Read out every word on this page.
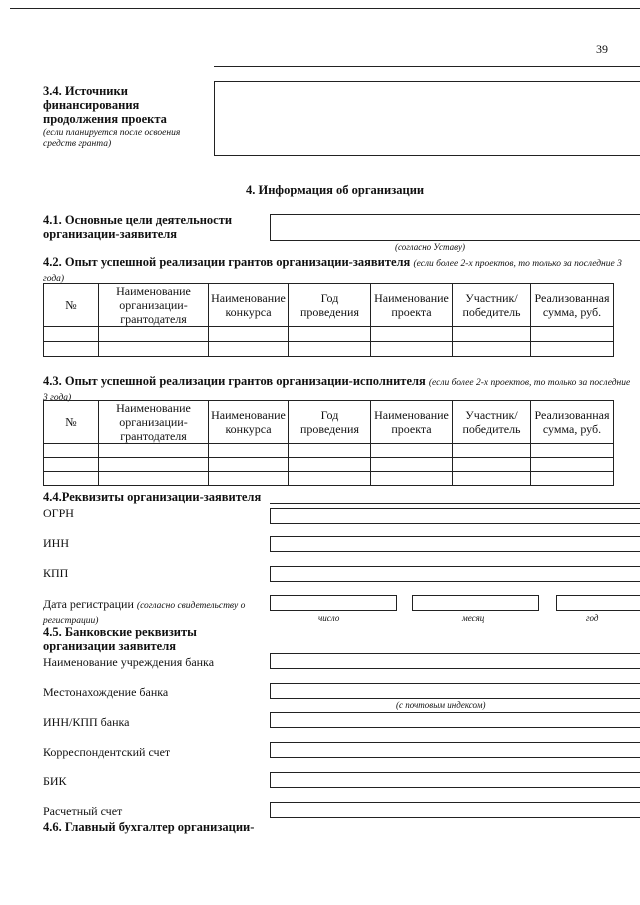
39
3.4. Источники финансирования продолжения проекта
(если планируется после освоения средств гранта)
4. Информация об организации
4.1. Основные цели деятельности организации-заявителя
(согласно Уставу)
4.2. Опыт успешной реализации грантов организации-заявителя (если более 2-х проектов, то только за последние 3 года)
№	Наименование организации-грантодателя	Наименование конкурса	Год проведения	Наименование проекта	Участник/ победитель	Реализованная сумма, руб.

4.3. Опыт успешной реализации грантов организации-исполнителя (если более 2-х проектов, то только за последние 3 года)
№	Наименование организации-грантодателя	Наименование конкурса	Год проведения	Наименование проекта	Участник/ победитель	Реализованная сумма, руб.

4.4.Реквизиты организации-заявителя
ОГРН
ИНН
КПП
Дата регистрации (согласно свидетельству о регистрации)	число	месяц	год
4.5. Банковские реквизиты организации заявителя
Наименование учреждения банка
Местонахождение банка
(с почтовым индексом)
ИНН/КПП банка
Корреспондентский счет
БИК
Расчетный счет
4.6. Главный бухгалтер организации-
